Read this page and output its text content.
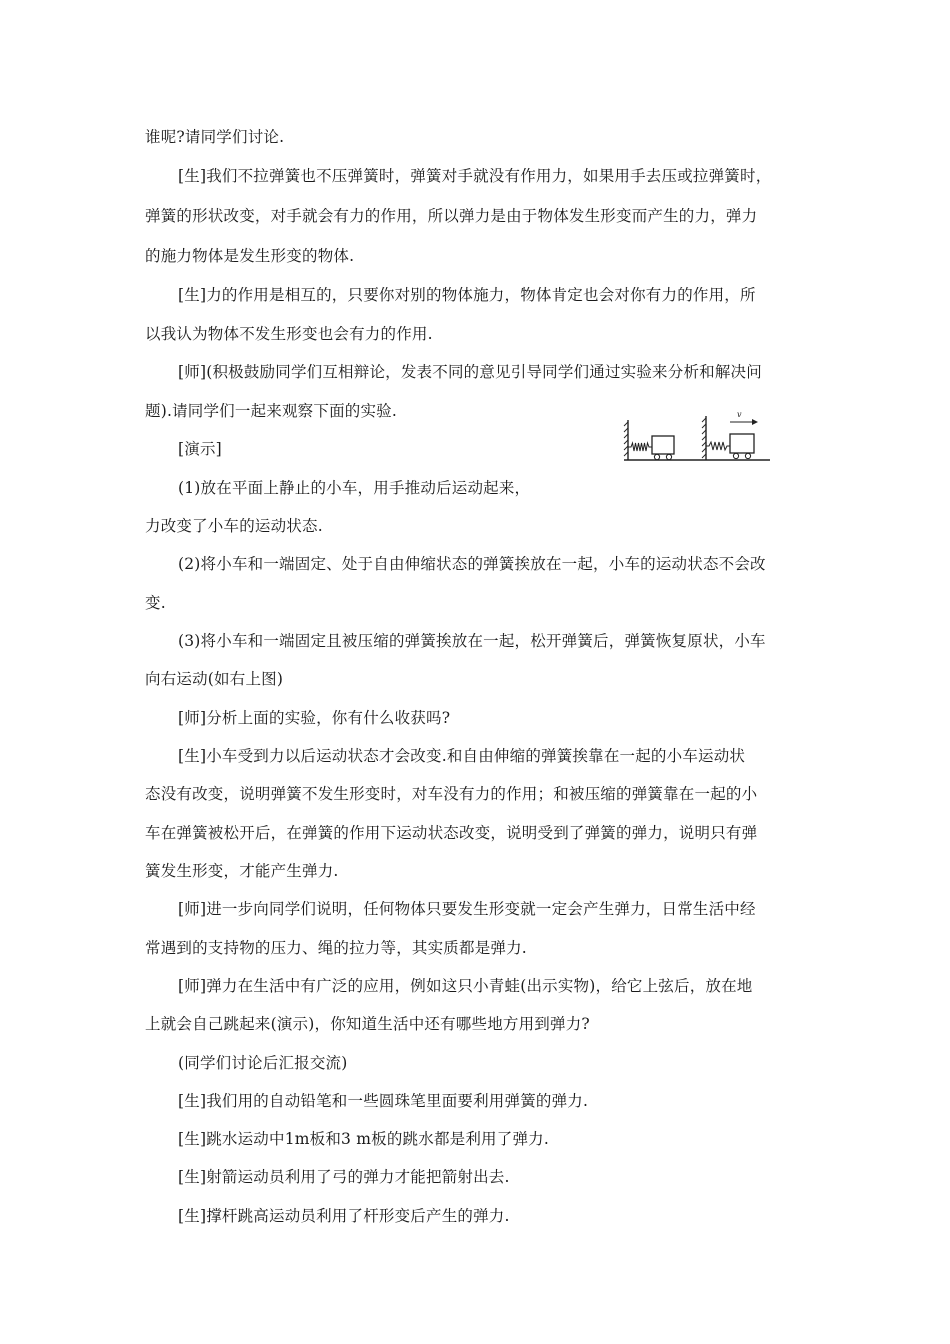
谁呢?请同学们讨论.
[生]我们不拉弹簧也不压弹簧时，弹簧对手就没有作用力，如果用手去压或拉弹簧时，
弹簧的形状改变，对手就会有力的作用，所以弹力是由于物体发生形变而产生的力，弹力
的施力物体是发生形变的物体.
[生]力的作用是相互的，只要你对别的物体施力，物体肯定也会对你有力的作用，所
以我认为物体不发生形变也会有力的作用.
[师](积极鼓励同学们互相辩论，发表不同的意见引导同学们通过实验来分析和解决问
题).请同学们一起来观察下面的实验.
[演示]
(1)放在平面上静止的小车，用手推动后运动起来，
力改变了小车的运动状态.
(2)将小车和一端固定、处于自由伸缩状态的弹簧挨放在一起，小车的运动状态不会改
变.
(3)将小车和一端固定且被压缩的弹簧挨放在一起，松开弹簧后，弹簧恢复原状，小车
向右运动(如右上图)
[师]分析上面的实验，你有什么收获吗?
[生]小车受到力以后运动状态才会改变.和自由伸缩的弹簧挨靠在一起的小车运动状
态没有改变，说明弹簧不发生形变时，对车没有力的作用；和被压缩的弹簧靠在一起的小
车在弹簧被松开后，在弹簧的作用下运动状态改变，说明受到了弹簧的弹力，说明只有弹
簧发生形变，才能产生弹力.
[师]进一步向同学们说明，任何物体只要发生形变就一定会产生弹力，日常生活中经
常遇到的支持物的压力、绳的拉力等，其实质都是弹力.
[师]弹力在生活中有广泛的应用，例如这只小青蛙(出示实物)，给它上弦后，放在地
上就会自己跳起来(演示)，你知道生活中还有哪些地方用到弹力?
(同学们讨论后汇报交流)
[生]我们用的自动铅笔和一些圆珠笔里面要利用弹簧的弹力.
[生]跳水运动中1m板和3 m板的跳水都是利用了弹力.
[生]射箭运动员利用了弓的弹力才能把箭射出去.
[生]撑杆跳高运动员利用了杆形变后产生的弹力.
v
